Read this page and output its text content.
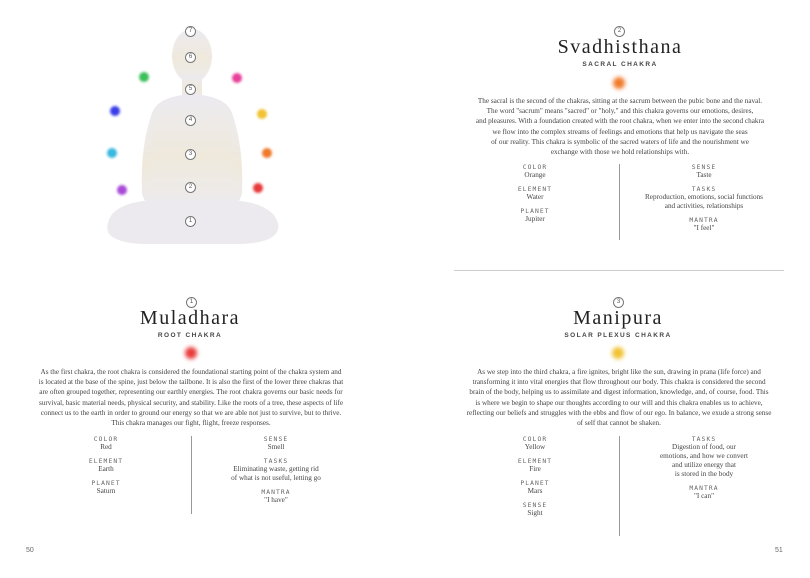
7
6
5
4
3
2
1
2
Svadhisthana
SACRAL CHAKRA
The sacral is the second of the chakras, sitting at the sacrum between the pubic bone and the naval.
The word "sacrum" means "sacred" or "holy," and this chakra governs our emotions, desires,
and pleasures. With a foundation created with the root chakra, when we enter into the second chakra
we flow into the complex streams of feelings and emotions that help us navigate the seas
of our reality. This chakra is symbolic of the sacred waters of life and the nourishment we
exchange with those we hold relationships with.
COLOR
Orange
ELEMENT
Water
PLANET
Jupiter
SENSE
Taste
TASKS
Reproduction, emotions, social functions
and activities, relationships
MANTRA
"I feel"
1
Muladhara
ROOT CHAKRA
As the first chakra, the root chakra is considered the foundational starting point of the chakra system and
is located at the base of the spine, just below the tailbone. It is also the first of the lower three chakras that
are often grouped together, representing our earthly energies. The root chakra governs our basic needs for
survival, basic material needs, physical security, and stability. Like the roots of a tree, these aspects of life
connect us to the earth in order to ground our energy so that we are able not just to survive, but to thrive.
This chakra manages our fight, flight, freeze responses.
COLOR
Red
ELEMENT
Earth
PLANET
Saturn
SENSE
Smell
TASKS
Eliminating waste, getting rid
of what is not useful, letting go
MANTRA
"I have"
3
Manipura
SOLAR PLEXUS CHAKRA
As we step into the third chakra, a fire ignites, bright like the sun, drawing in prana (life force) and
transforming it into vital energies that flow throughout our body. This chakra is considered the second
brain of the body, helping us to assimilate and digest information, knowledge, and, of course, food. This
is where we begin to shape our thoughts according to our will and this chakra enables us to achieve,
reflecting our beliefs and struggles with the ebbs and flow of our ego. In balance, we exude a strong sense
of self that cannot be shaken.
COLOR
Yellow
ELEMENT
Fire
PLANET
Mars
SENSE
Sight
TASKS
Digestion of food, our
emotions, and how we convert
and utilize energy that
is stored in the body
MANTRA
"I can"
50	51
